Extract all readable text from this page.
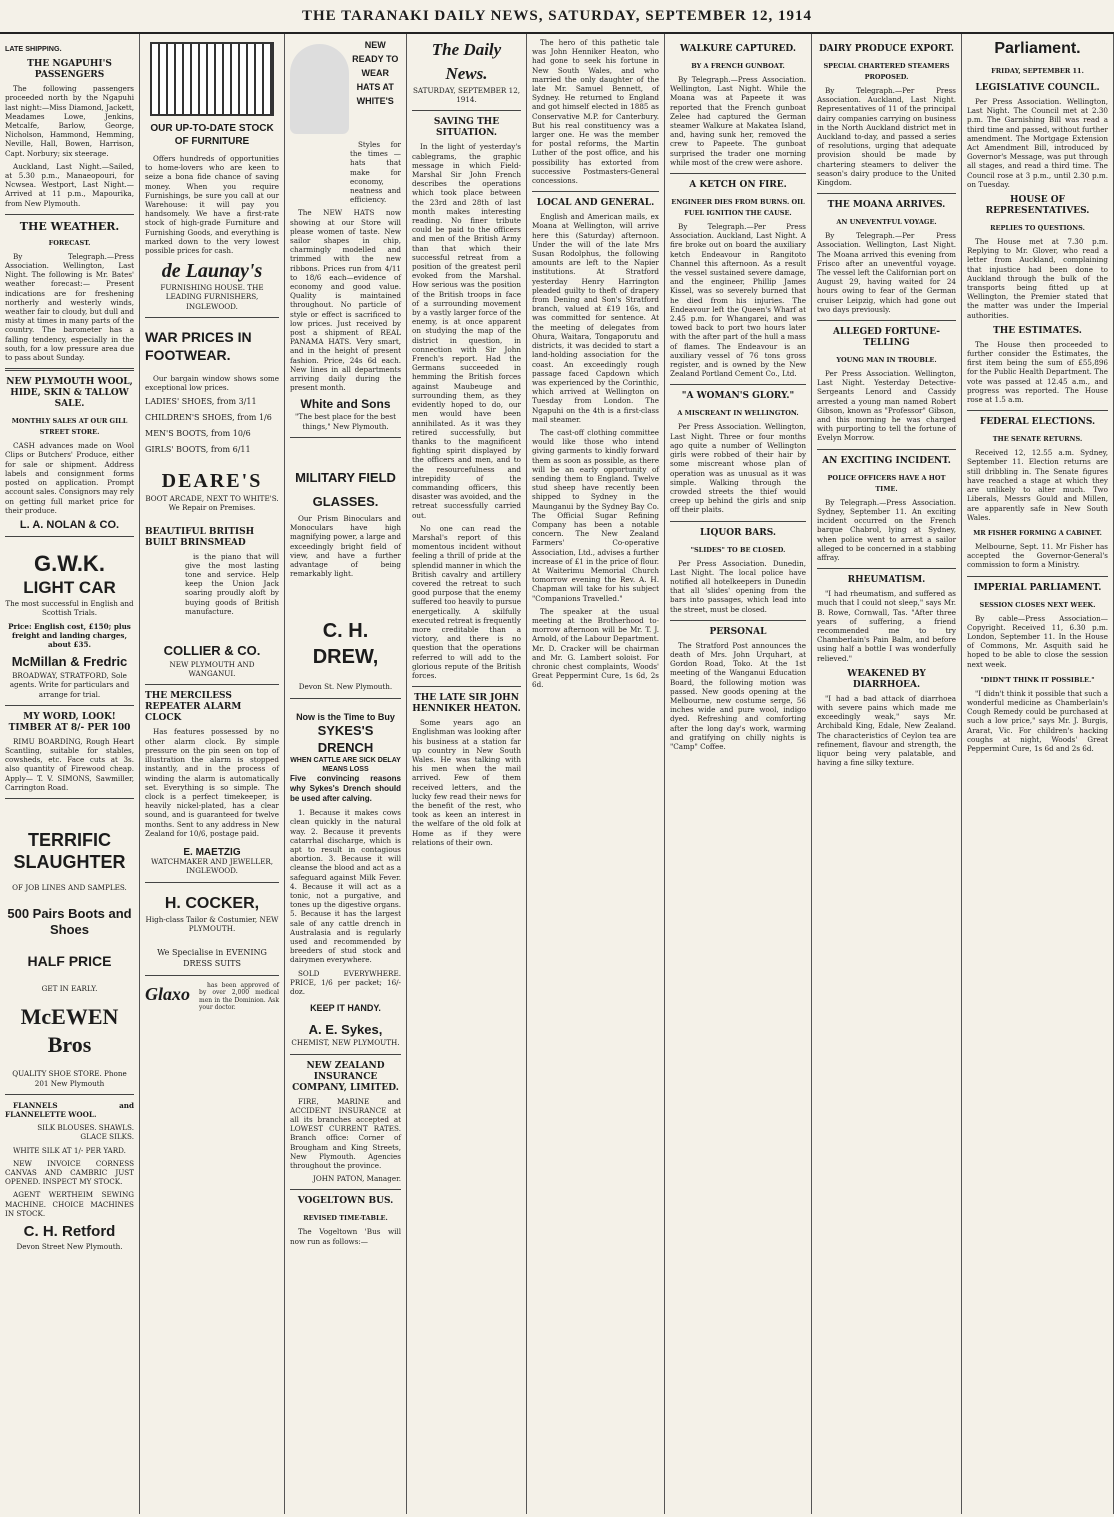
THE TARANAKI DAILY NEWS, SATURDAY, SEPTEMBER 12, 1914
LATE SHIPPING.
THE NGAPUHI'S PASSENGERS

The following passengers proceeded north by the Ngapuhi last night:—Miss Diamond, Jackett, Meadames Lowe, Jenkins, Metcalfe, Barlow, George, Nicholson, Hammond, Hemming, Neville, Hall, Bowen, Harrison, Capt. Norbury; six steerage.

Auckland, Last Night.—Sailed, at 5.30 p.m., Manaeopouri, for Ncwsea. Westport, Last Night.—Arrived at 11 p.m., Mapourika, from New Plymouth.

THE WEATHER.
FORECAST.

By Telegraph.—Press Association. Wellington, Last Night. The following is Mr. Bates' weather forecast:— Present indications are for freshening northerly and westerly winds, weather fair to cloudy, but dull and misty at times in many parts of the country. The barometer has a falling tendency, especially in the south, for a low pressure area due to pass about Sunday.

NEW PLYMOUTH WOOL, HIDE, SKIN & TALLOW SALE.
MONTHLY SALES AT OUR GILL STREET STORE.

CASH advances made on Wool Clips or Butchers' Produce, either for sale or shipment. Address labels and consignment forms posted on application. Prompt account sales. Consignors may rely on getting full market price for their produce.

L. A. NOLAN & CO.
G.W.K.
LIGHT CAR

The most successful in English and Scottish Trials.

Price: English cost, £150; plus freight and landing charges, about £35.

McMillan & Fredric

BROADWAY, STRATFORD, Sole agents. Write for particulars and arrange for trial.

MY WORD, LOOK! TIMBER AT 8/- PER 100

RIMU BOARDING, Rough Heart Scantling, suitable for stables, cowsheds, etc. Face cuts at 3s. also quantity of Firewood cheap. Apply— T. V. SIMONS, Sawmiller, Carrington Road.

TERRIFIC
SLAUGHTER

OF JOB LINES AND SAMPLES.

500 Pairs Boots and Shoes
HALF PRICE

GET IN EARLY.

McEWEN Bros

QUALITY SHOE STORE. Phone 201 New Plymouth

FLANNELS and FLANNELETTE WOOL.

SILK BLOUSES. SHAWLS. GLACE SILKS.

WHITE SILK AT 1/- PER YARD.

NEW INVOICE CORNESS CANVAS AND CAMBRIC JUST OPENED. INSPECT MY STOCK.

AGENT WERTHEIM SEWING MACHINE. CHOICE MACHINES IN STOCK.

C. H. Retford

Devon Street New Plymouth.

OUR UP-TO-DATE STOCK OF FURNITURE

Offers hundreds of opportunities to home-lovers who are keen to seize a bona fide chance of saving money. When you require Furnishings, be sure you call at our Warehouse: it will pay you handsomely. We have a first-rate stock of high-grade Furniture and Furnishing Goods, and everything is marked down to the very lowest possible prices for cash.

de Launay's

FURNISHING HOUSE. THE LEADING FURNISHERS, INGLEWOOD.

WAR PRICES IN FOOTWEAR.

Our bargain window shows some exceptional low prices.

LADIES' SHOES, from 3/11

CHILDREN'S SHOES, from 1/6

MEN'S BOOTS, from 10/6

GIRLS' BOOTS, from 6/11

DEARE'S

BOOT ARCADE, NEXT TO WHITE'S. We Repair on Premises.

BEAUTIFUL BRITISH BUILT BRINSMEAD

is the piano that will give the most lasting tone and service. Help keep the Union Jack soaring proudly aloft by buying goods of British manufacture.

COLLIER & CO.

NEW PLYMOUTH AND WANGANUI.

THE MERCILESS REPEATER ALARM CLOCK

Has features possessed by no other alarm clock. By simple pressure on the pin seen on top of illustration the alarm is stopped instantly, and in the process of winding the alarm is automatically set. Everything is so simple. The clock is a perfect timekeeper, is heavily nickel-plated, has a clear sound, and is guaranteed for twelve months. Sent to any address in New Zealand for 10/6, postage paid.

E. MAETZIG

WATCHMAKER AND JEWELLER, INGLEWOOD.

H. COCKER,

High-class Tailor & Costumier, NEW PLYMOUTH.

We Specialise in EVENING DRESS SUITS

Glaxo	has been approved of by over 2,000 medical men in the Dominion. Ask your doctor.

NEW READY TO WEAR HATS AT WHITE'S

Styles for the times — hats that make for economy, neatness and efficiency.

The NEW HATS now showing at our Store will please women of taste. New sailor shapes in chip, charmingly modelled and trimmed with the new ribbons. Prices run from 4/11 to 18/6 each—evidence of economy and good value. Quality is maintained throughout. No particle of style or effect is sacrificed to low prices. Just received by post a shipment of REAL PANAMA HATS. Very smart, and in the height of present fashion. Price, 24s 6d each. New lines in all departments arriving daily during the present month.

White and Sons

"The best place for the best things," New Plymouth.

MILITARY FIELD GLASSES.

Our Prism Binoculars and Monoculars have high magnifying power, a large and exceedingly bright field of view, and have a further advantage of being remarkably light.

C. H. DREW,

Devon St. New Plymouth.

Now is the Time to Buy
SYKES'S DRENCH
WHEN CATTLE ARE SICK DELAY MEANS LOSS

Five convincing reasons why Sykes's Drench should be used after calving.

1. Because it makes cows clean quickly in the natural way. 2. Because it prevents catarrhal discharge, which is apt to result in contagious abortion. 3. Because it will cleanse the blood and act as a safeguard against Milk Fever. 4. Because it will act as a tonic, not a purgative, and tones up the digestive organs. 5. Because it has the largest sale of any cattle drench in Australasia and is regularly used and recommended by breeders of stud stock and dairymen everywhere.

SOLD EVERYWHERE. PRICE, 1/6 per packet; 16/- doz.

KEEP IT HANDY.
A. E. Sykes,

CHEMIST, NEW PLYMOUTH.

NEW ZEALAND INSURANCE COMPANY, LIMITED.

FIRE, MARINE and ACCIDENT INSURANCE at all its branches accepted at LOWEST CURRENT RATES. Branch office: Corner of Brougham and King Streets, New Plymouth. Agencies throughout the province.

JOHN PATON, Manager.

VOGELTOWN BUS.
REVISED TIME-TABLE.

The Vogeltown 'Bus will now run as follows:—

The Daily News.

SATURDAY, SEPTEMBER 12, 1914.

SAVING THE SITUATION.

In the light of yesterday's cablegrams, the graphic message in which Field-Marshal Sir John French describes the operations which took place between the 23rd and 28th of last month makes interesting reading. No finer tribute could be paid to the officers and men of the British Army than that which their successful retreat from a position of the greatest peril evoked from the Marshal. How serious was the position of the British troops in face of a surrounding movement by a vastly larger force of the enemy, is at once apparent on studying the map of the district in question, in connection with Sir John French's report. Had the Germans succeeded in hemming the British forces against Maubeuge and surrounding them, as they evidently hoped to do, our men would have been annihilated. As it was they retired successfully, but thanks to the magnificent fighting spirit displayed by the officers and men, and to the resourcefulness and intrepidity of the commanding officers, this disaster was avoided, and the retreat successfully carried out.

No one can read the Marshal's report of this momentous incident without feeling a thrill of pride at the splendid manner in which the British cavalry and artillery covered the retreat to such good purpose that the enemy suffered too heavily to pursue energetically. A skilfully executed retreat is frequently more creditable than a victory, and there is no question that the operations referred to will add to the glorious repute of the British forces.

THE LATE SIR JOHN HENNIKER HEATON.

Some years ago an Englishman was looking after his business at a station far up country in New South Wales. He was talking with his men when the mail arrived. Few of them received letters, and the lucky few read their news for the benefit of the rest, who took as keen an interest in the welfare of the old folk at Home as if they were relations of their own.

The hero of this pathetic tale was John Henniker Heaton, who had gone to seek his fortune in New South Wales, and who married the only daughter of the late Mr. Samuel Bennett, of Sydney. He returned to England and got himself elected in 1885 as Conservative M.P. for Canterbury. But his real constituency was a larger one. He was the member for postal reforms, the Martin Luther of the post office, and his possibility has extorted from successive Postmasters-General concessions.

LOCAL AND GENERAL.

English and American mails, ex Moana at Wellington, will arrive here this (Saturday) afternoon. Under the will of the late Mrs Susan Rodolphus, the following amounts are left to the Napier institutions. At Stratford yesterday Henry Harrington pleaded guilty to theft of drapery from Dening and Son's Stratford branch, valued at £19 16s, and was committed for sentence. At the meeting of delegates from Ohura, Waitara, Tongaporutu and districts, it was decided to start a land-holding association for the coast. An exceedingly rough passage faced Capdown which was experienced by the Corinthic, which arrived at Wellington on Tuesday from London. The Ngapuhi on the 4th is a first-class mail steamer.

The cast-off clothing committee would like those who intend giving garments to kindly forward them as soon as possible, as there will be an early opportunity of sending them to England. Twelve stud sheep have recently been shipped to Sydney in the Maunganui by the Sydney Bay Co. The Official Sugar Refining Company has been a notable concern. The New Zealand Farmers' Co-operative Association, Ltd., advises a further increase of £1 in the price of flour. At Waiterimu Memorial Church tomorrow evening the Rev. A. H. Chapman will take for his subject "Companions Travelled."

The speaker at the usual meeting at the Brotherhood to-morrow afternoon will be Mr. T. J. Arnold, of the Labour Department. Mr. D. Cracker will be chairman and Mr. G. Lambert soloist. For chronic chest complaints, Woods' Great Peppermint Cure, 1s 6d, 2s 6d.

WALKURE CAPTURED.
BY A FRENCH GUNBOAT.

By Telegraph.—Press Association. Wellington, Last Night. While the Moana was at Papeete it was reported that the French gunboat Zelee had captured the German steamer Walkure at Makatea Island, and, having sunk her, removed the crew to Papeete. The gunboat surprised the trader one morning while most of the crew were ashore.

A KETCH ON FIRE.
ENGINEER DIES FROM BURNS. OIL FUEL IGNITION THE CAUSE.

By Telegraph.—Per Press Association. Auckland, Last Night. A fire broke out on board the auxiliary ketch Endeavour in Rangitoto Channel this afternoon. As a result the vessel sustained severe damage, and the engineer, Phillip James Kissel, was so severely burned that he died from his injuries. The Endeavour left the Queen's Wharf at 2.45 p.m. for Whangarei, and was towed back to port two hours later with the after part of the hull a mass of flames. The Endeavour is an auxiliary vessel of 76 tons gross register, and is owned by the New Zealand Portland Cement Co., Ltd.

"A WOMAN'S GLORY."
A MISCREANT IN WELLINGTON.

Per Press Association. Wellington, Last Night. Three or four months ago quite a number of Wellington girls were robbed of their hair by some miscreant whose plan of operation was as unusual as it was simple. Walking through the crowded streets the thief would creep up behind the girls and snip off their plaits.

LIQUOR BARS.
"SLIDES" TO BE CLOSED.

Per Press Association. Dunedin, Last Night. The local police have notified all hotelkeepers in Dunedin that all 'slides' opening from the bars into passages, which lead into the street, must be closed.

PERSONAL

The Stratford Post announces the death of Mrs. John Urquhart, at Gordon Road, Toko. At the 1st meeting of the Wanganui Education Board, the following motion was passed. New goods opening at the Melbourne, new costume serge, 56 inches wide and pure wool, indigo dyed. Refreshing and comforting after the long day's work, warming and gratifying on chilly nights is "Camp" Coffee.

DAIRY PRODUCE EXPORT.
SPECIAL CHARTERED STEAMERS PROPOSED.

By Telegraph.—Per Press Association. Auckland, Last Night. Representatives of 11 of the principal dairy companies carrying on business in the North Auckland district met in Auckland to-day, and passed a series of resolutions, urging that adequate provision should be made by chartering steamers to deliver the season's dairy produce to the United Kingdom.

THE MOANA ARRIVES.
AN UNEVENTFUL VOYAGE.

By Telegraph.—Per Press Association. Wellington, Last Night. The Moana arrived this evening from Frisco after an uneventful voyage. The vessel left the Californian port on August 29, having waited for 24 hours owing to fear of the German cruiser Leipzig, which had gone out two days previously.

ALLEGED FORTUNE-TELLING
YOUNG MAN IN TROUBLE.

Per Press Association. Wellington, Last Night. Yesterday Detective-Sergeants Lenord and Cassidy arrested a young man named Robert Gibson, known as "Professor" Gibson, and this morning he was charged with purporting to tell the fortune of Evelyn Morrow.

AN EXCITING INCIDENT.
POLICE OFFICERS HAVE A HOT TIME.

By Telegraph.—Press Association. Sydney, September 11. An exciting incident occurred on the French barque Chabrol, lying at Sydney, when police went to arrest a sailor alleged to be concerned in a stabbing affray.

RHEUMATISM.

"I had rheumatism, and suffered as much that I could not sleep," says Mr. B. Rowe, Cornwall, Tas. "After three years of suffering, a friend recommended me to try Chamberlain's Pain Balm, and before using half a bottle I was wonderfully relieved."

WEAKENED BY DIARRHOEA.

"I had a bad attack of diarrhoea with severe pains which made me exceedingly weak," says Mr. Archibald King, Edale, New Zealand. The characteristics of Ceylon tea are refinement, flavour and strength, the liquor being very palatable, and having a fine silky texture.

Parliament.
FRIDAY, SEPTEMBER 11.
LEGISLATIVE COUNCIL.

Per Press Association. Wellington, Last Night. The Council met at 2.30 p.m. The Garnishing Bill was read a third time and passed, without further amendment. The Mortgage Extension Act Amendment Bill, introduced by Governor's Message, was put through all stages, and read a third time. The Council rose at 3 p.m., until 2.30 p.m. on Tuesday.

HOUSE OF REPRESENTATIVES.
REPLIES TO QUESTIONS.

The House met at 7.30 p.m. Replying to Mr. Glover, who read a letter from Auckland, complaining that injustice had been done to Auckland through the bulk of the transports being fitted up at Wellington, the Premier stated that the matter was under the Imperial authorities.

THE ESTIMATES.

The House then proceeded to further consider the Estimates, the first item being the sum of £55,896 for the Public Health Department. The vote was passed at 12.45 a.m., and progress was reported. The House rose at 1.5 a.m.

FEDERAL ELECTIONS.
THE SENATE RETURNS.

Received 12, 12.55 a.m. Sydney, September 11. Election returns are still dribbling in. The Senate figures have reached a stage at which they are unlikely to alter much. Two Liberals, Messrs Gould and Millen, are apparently safe in New South Wales.

MR FISHER FORMING A CABINET.

Melbourne, Sept. 11. Mr Fisher has accepted the Governor-General's commission to form a Ministry.

IMPERIAL PARLIAMENT.
SESSION CLOSES NEXT WEEK.

By cable—Press Association—Copyright. Received 11, 6.30 p.m. London, September 11. In the House of Commons, Mr. Asquith said he hoped to be able to close the session next week.

"DIDN'T THINK IT POSSIBLE."

"I didn't think it possible that such a wonderful medicine as Chamberlain's Cough Remedy could be purchased at such a low price," says Mr. J. Burgis, Ararat, Vic. For children's hacking coughs at night, Woods' Great Peppermint Cure, 1s 6d and 2s 6d.
